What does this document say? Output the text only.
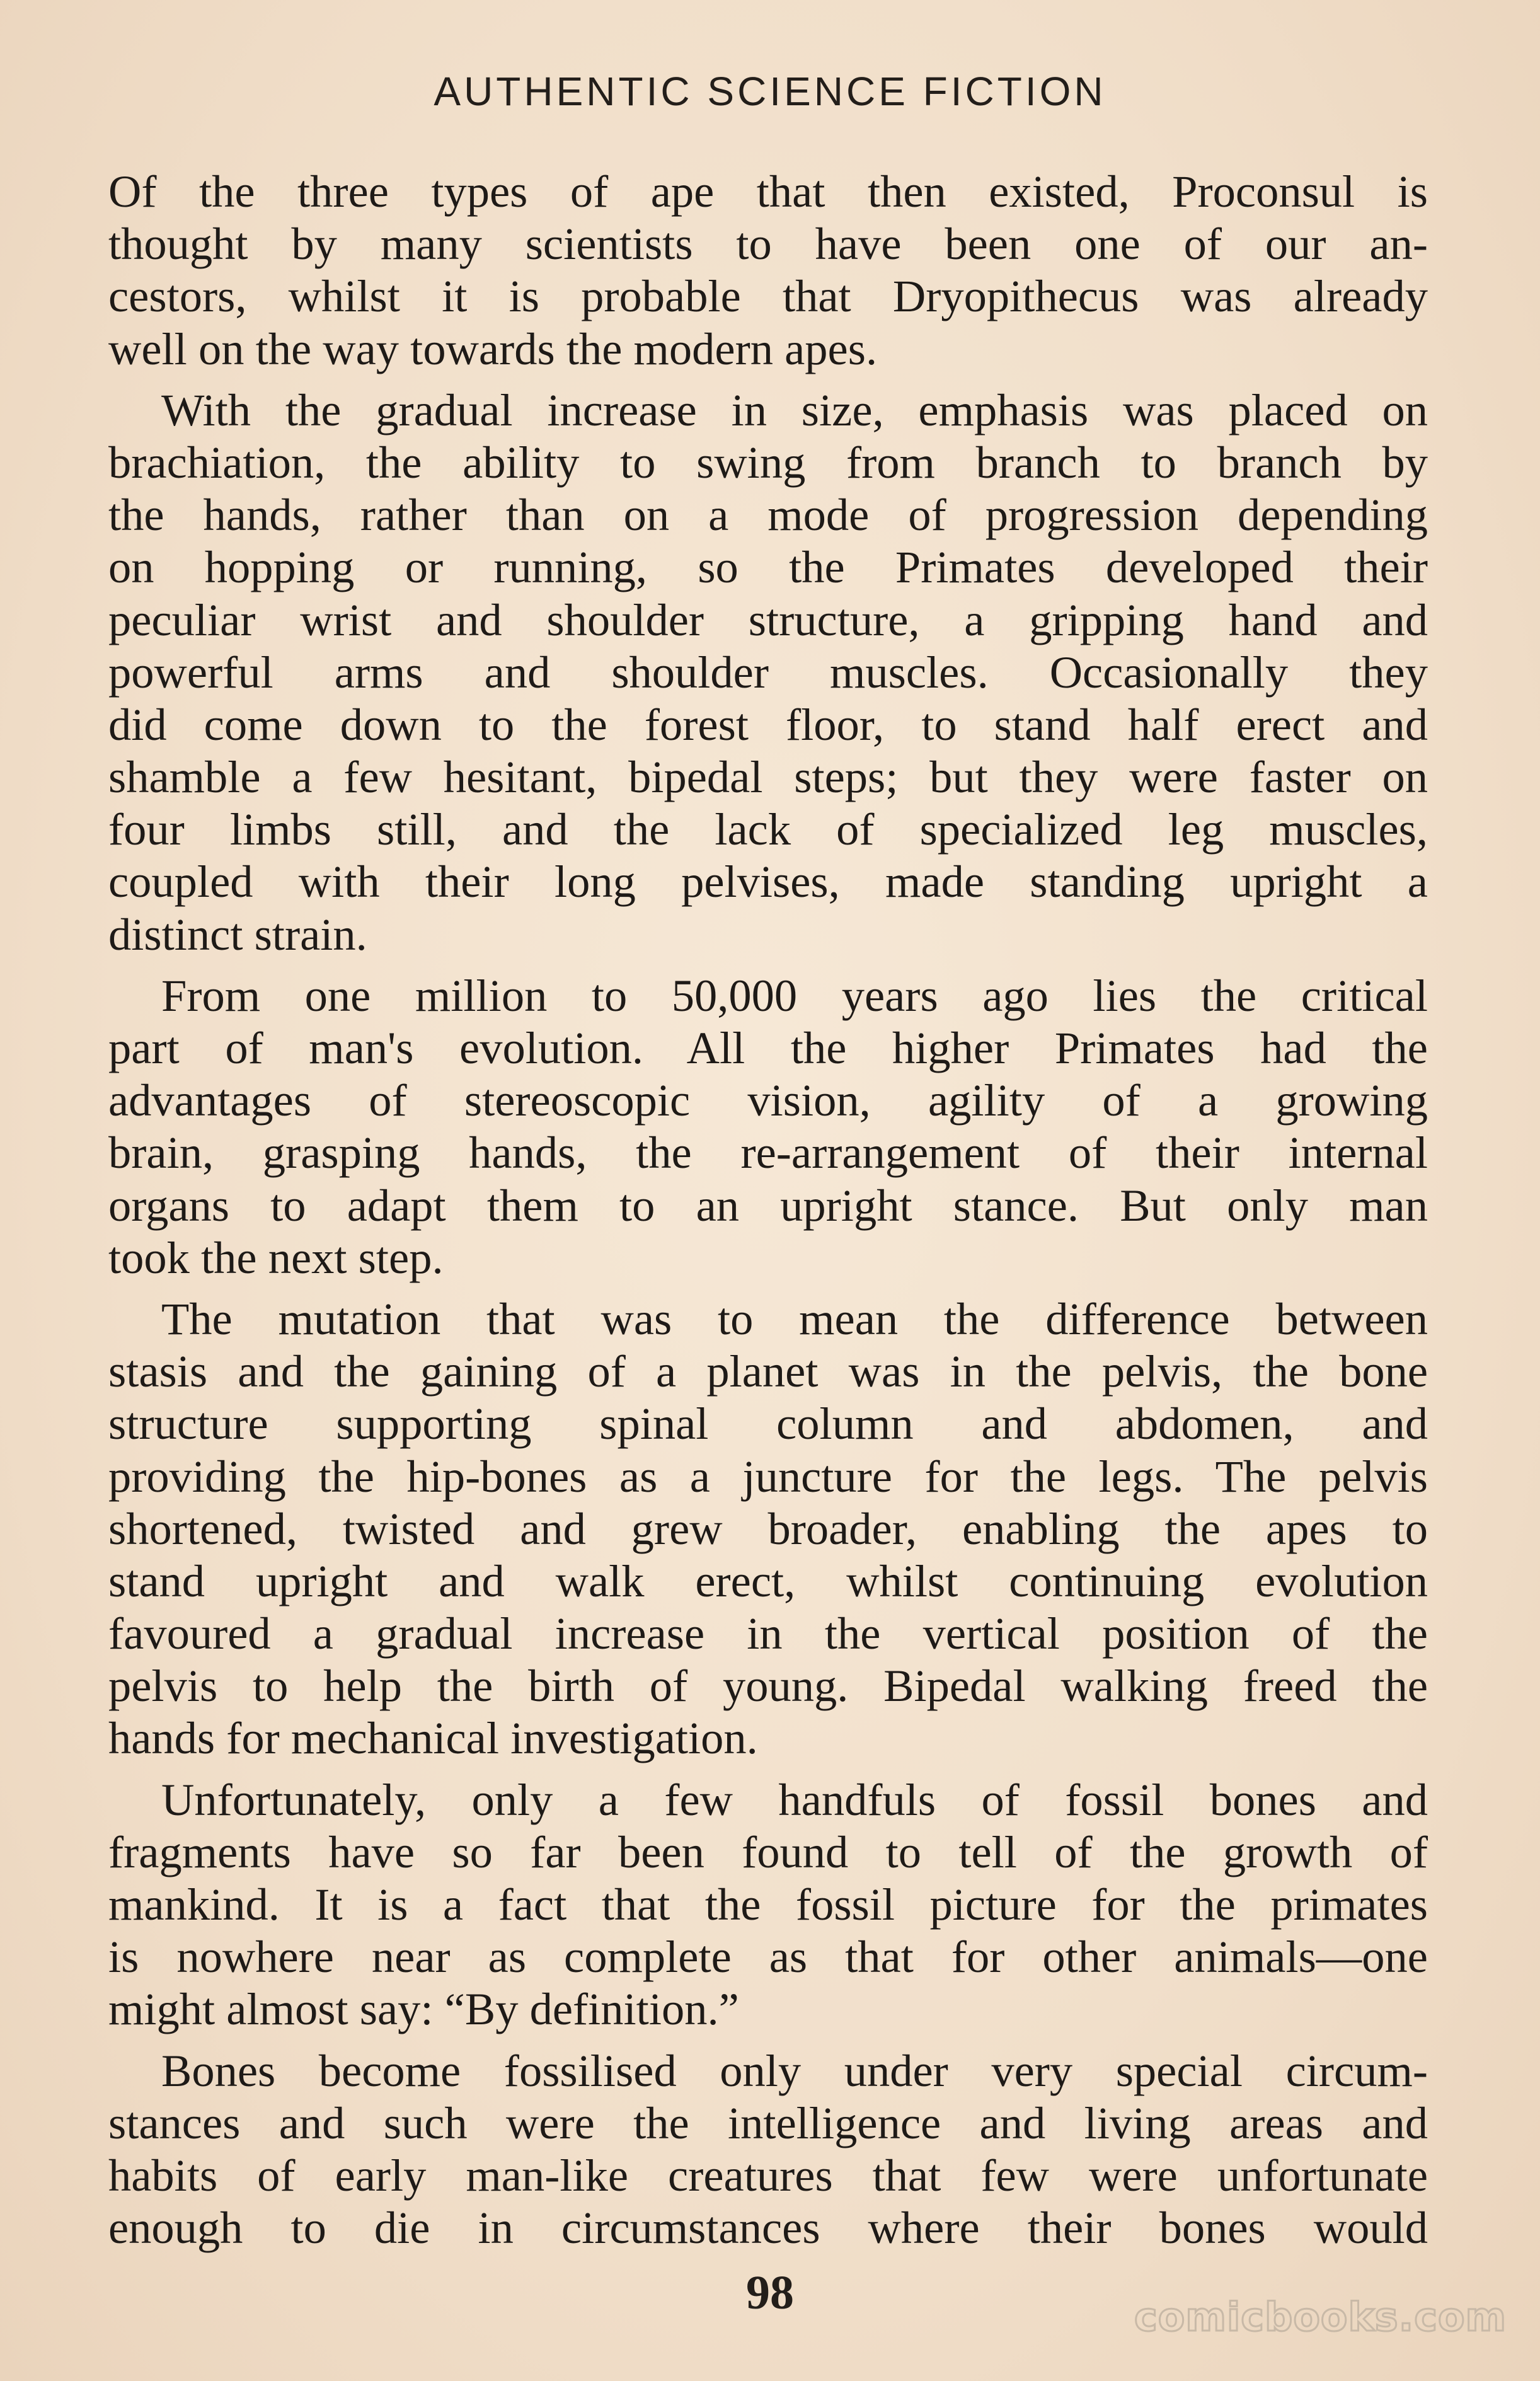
AUTHENTIC SCIENCE FICTION
Of the three types of ape that then existed, Proconsul is
thought by many scientists to have been one of our an-
cestors, whilst it is probable that Dryopithecus was already
well on the way towards the modern apes.
With the gradual increase in size, emphasis was placed on
brachiation, the ability to swing from branch to branch by
the hands, rather than on a mode of progression depending
on hopping or running, so the Primates developed their
peculiar wrist and shoulder structure, a gripping hand and
powerful arms and shoulder muscles. Occasionally they
did come down to the forest floor, to stand half erect and
shamble a few hesitant, bipedal steps; but they were faster on
four limbs still, and the lack of specialized leg muscles,
coupled with their long pelvises, made standing upright a
distinct strain.
From one million to 50,000 years ago lies the critical
part of man's evolution. All the higher Primates had the
advantages of stereoscopic vision, agility of a growing
brain, grasping hands, the re-arrangement of their internal
organs to adapt them to an upright stance. But only man
took the next step.
The mutation that was to mean the difference between
stasis and the gaining of a planet was in the pelvis, the bone
structure supporting spinal column and abdomen, and
providing the hip-bones as a juncture for the legs. The pelvis
shortened, twisted and grew broader, enabling the apes to
stand upright and walk erect, whilst continuing evolution
favoured a gradual increase in the vertical position of the
pelvis to help the birth of young. Bipedal walking freed the
hands for mechanical investigation.
Unfortunately, only a few handfuls of fossil bones and
fragments have so far been found to tell of the growth of
mankind. It is a fact that the fossil picture for the primates
is nowhere near as complete as that for other animals—one
might almost say: “By definition.”
Bones become fossilised only under very special circum-
stances and such were the intelligence and living areas and
habits of early man-like creatures that few were unfortunate
enough to die in circumstances where their bones would
98	comicbooks.com
